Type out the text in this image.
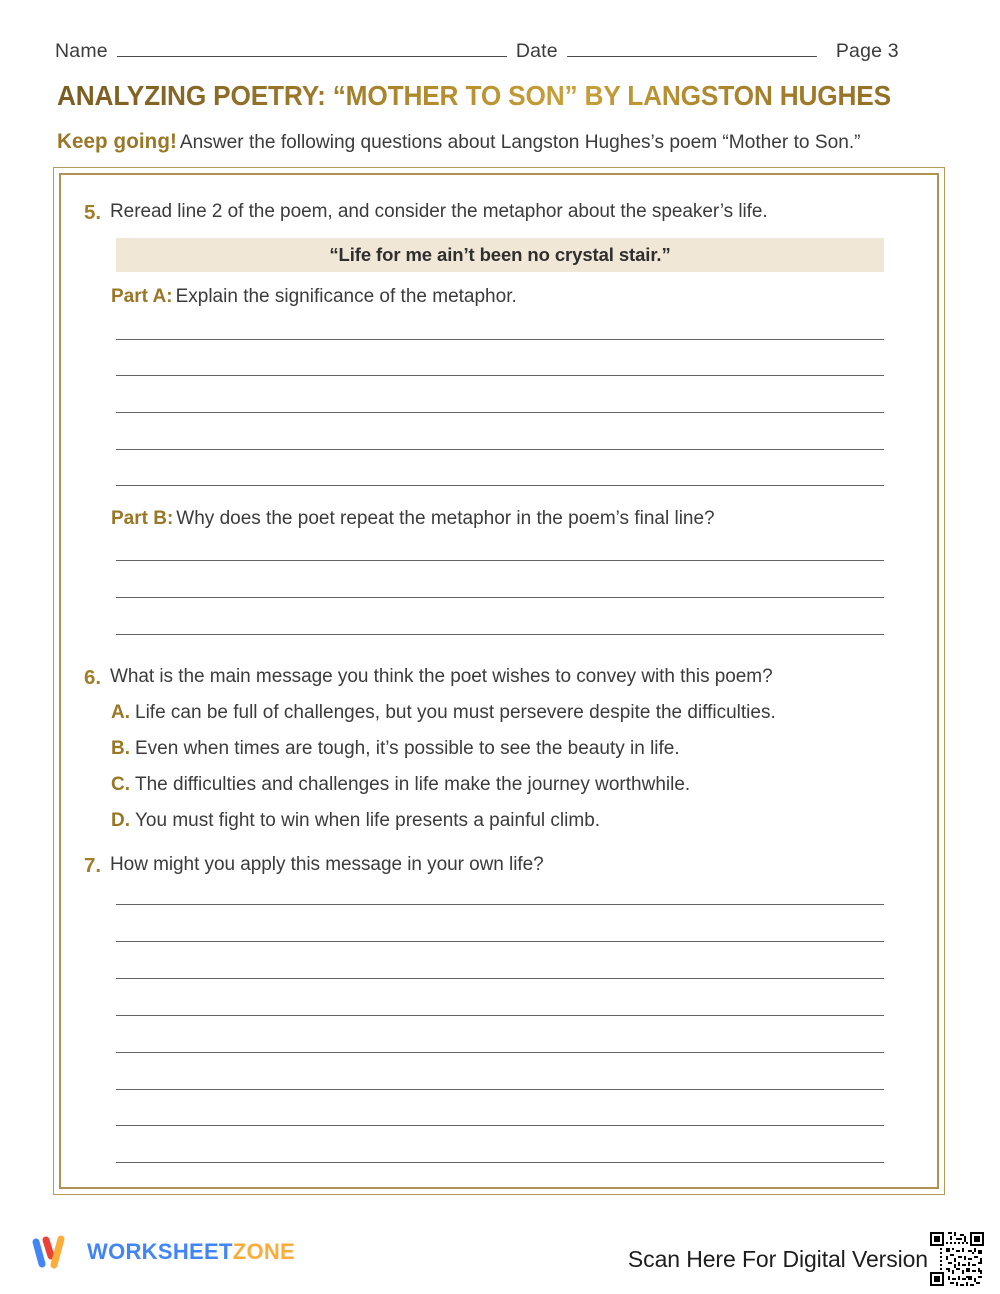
Name	Date	Page 3
ANALYZING POETRY: “MOTHER TO SON” BY LANGSTON HUGHES
Keep going! Answer the following questions about Langston Hughes’s poem “Mother to Son.”
5. Reread line 2 of the poem, and consider the metaphor about the speaker’s life.
“Life for me ain’t been no crystal stair.”
Part A: Explain the significance of the metaphor.
Part B: Why does the poet repeat the metaphor in the poem’s final line?
6. What is the main message you think the poet wishes to convey with this poem?
A. Life can be full of challenges, but you must persevere despite the difficulties.
B. Even when times are tough, it’s possible to see the beauty in life.
C. The difficulties and challenges in life make the journey worthwhile.
D. You must fight to win when life presents a painful climb.
7. How might you apply this message in your own life?
WORKSHEETZONE	Scan Here For Digital Version
